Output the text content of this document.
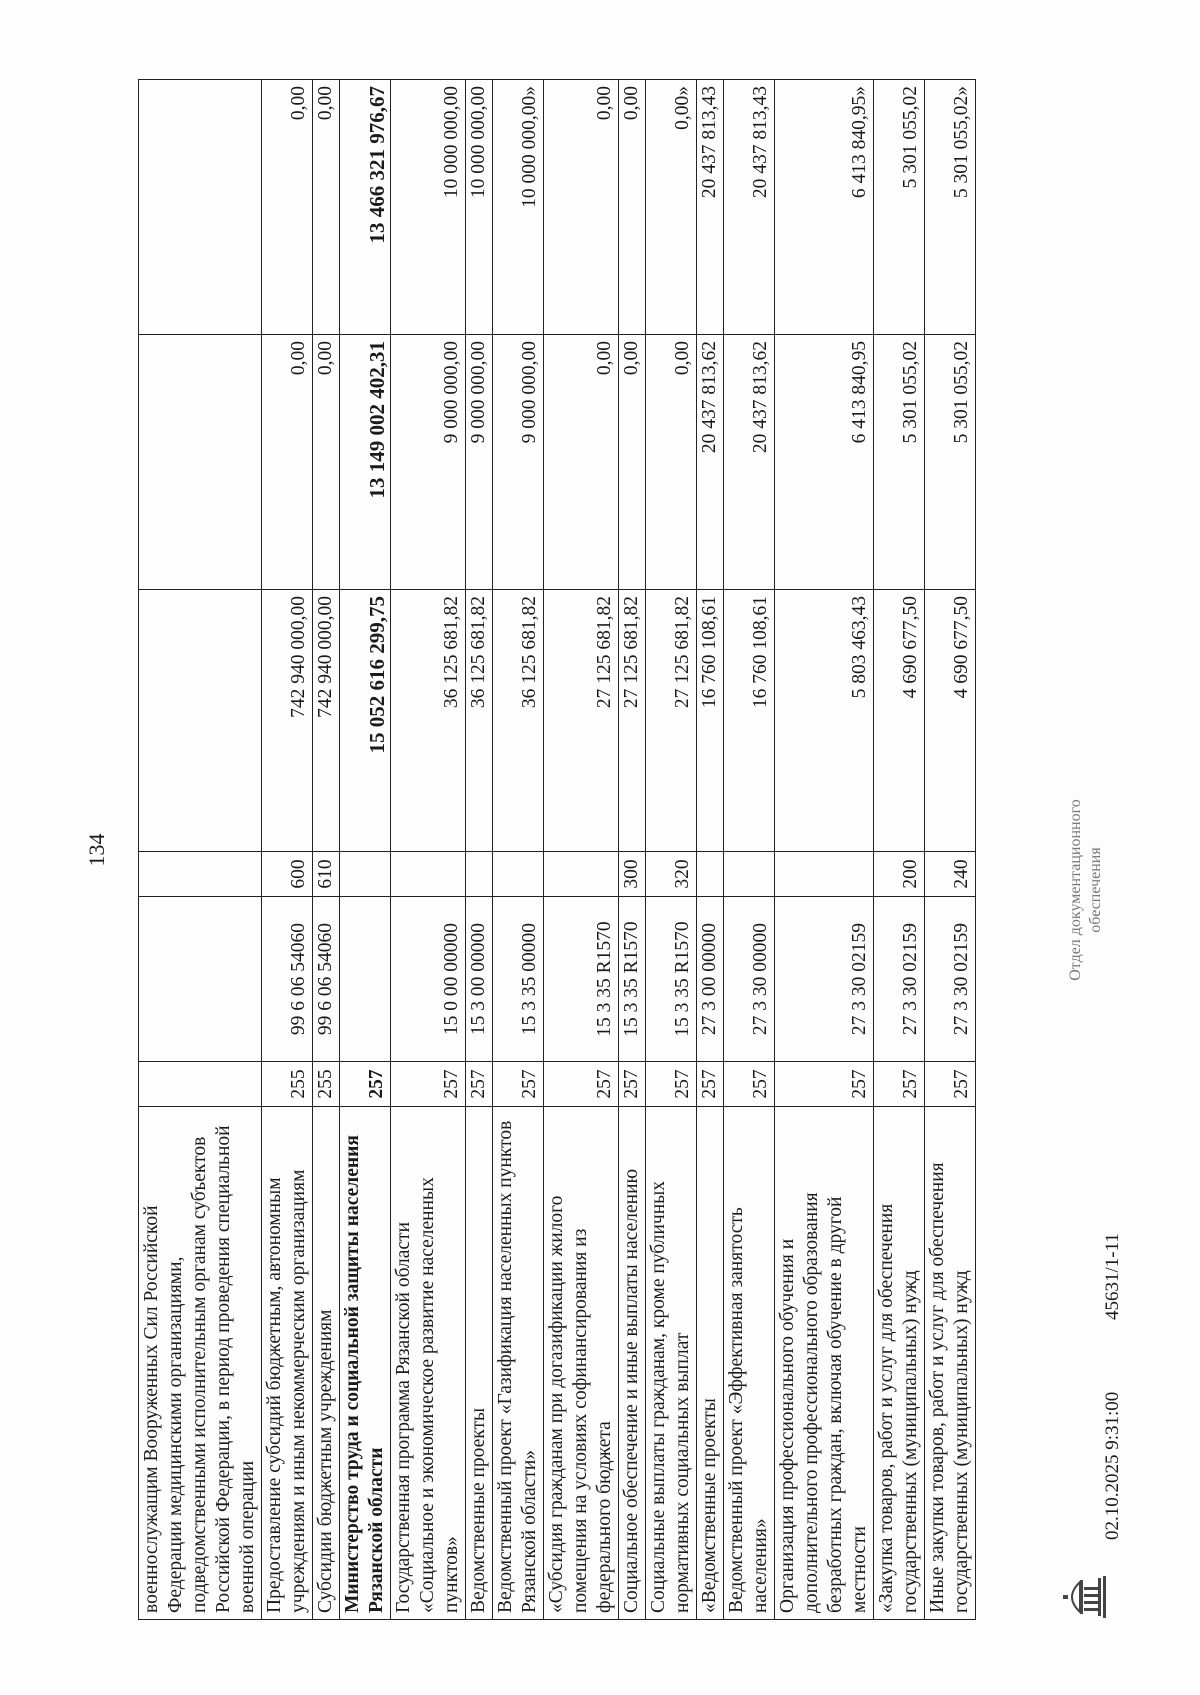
134
военнослужащим Вооруженных Сил Российской Федерации медицинскими организациями, подведомственными исполнительным органам субъектов Российской Федерации, в период проведения специальной военной операции						
Предоставление субсидий бюджетным, автономным учреждениям и иным некоммерческим организациям	255	99 6 06 54060	600	742 940 000,00	0,00	0,00
Субсидии бюджетным учреждениям	255	99 6 06 54060	610	742 940 000,00	0,00	0,00
Министерство труда и социальной защиты населения Рязанской области	257			15 052 616 299,75	13 149 002 402,31	13 466 321 976,67
Государственная программа Рязанской области «Социальное и экономическое развитие населенных пунктов»	257	15 0 00 00000		36 125 681,82	9 000 000,00	10 000 000,00
Ведомственные проекты	257	15 3 00 00000		36 125 681,82	9 000 000,00	10 000 000,00
Ведомственный проект «Газификация населенных пунктов Рязанской области»	257	15 3 35 00000		36 125 681,82	9 000 000,00	10 000 000,00»
«Субсидия гражданам при догазификации жилого помещения на условиях софинансирования из федерального бюджета	257	15 3 35 R1570		27 125 681,82	0,00	0,00
Социальное обеспечение и иные выплаты населению	257	15 3 35 R1570	300	27 125 681,82	0,00	0,00
Социальные выплаты гражданам, кроме публичных нормативных социальных выплат	257	15 3 35 R1570	320	27 125 681,82	0,00	0,00»
«Ведомственные проекты	257	27 3 00 00000		16 760 108,61	20 437 813,62	20 437 813,43
Ведомственный проект «Эффективная занятость населения»	257	27 3 30 00000		16 760 108,61	20 437 813,62	20 437 813,43
Организация профессионального обучения и дополнительного профессионального образования безработных граждан, включая обучение в другой местности	257	27 3 30 02159		5 803 463,43	6 413 840,95	6 413 840,95»
«Закупка товаров, работ и услуг для обеспечения государственных (муниципальных) нужд	257	27 3 30 02159	200	4 690 677,50	5 301 055,02	5 301 055,02
Иные закупки товаров, работ и услуг для обеспечения государственных (муниципальных) нужд	257	27 3 30 02159	240	4 690 677,50	5 301 055,02	5 301 055,02»
02.10.2025 9:31:00
45631/1-11
Отдел документационного обеспечения
